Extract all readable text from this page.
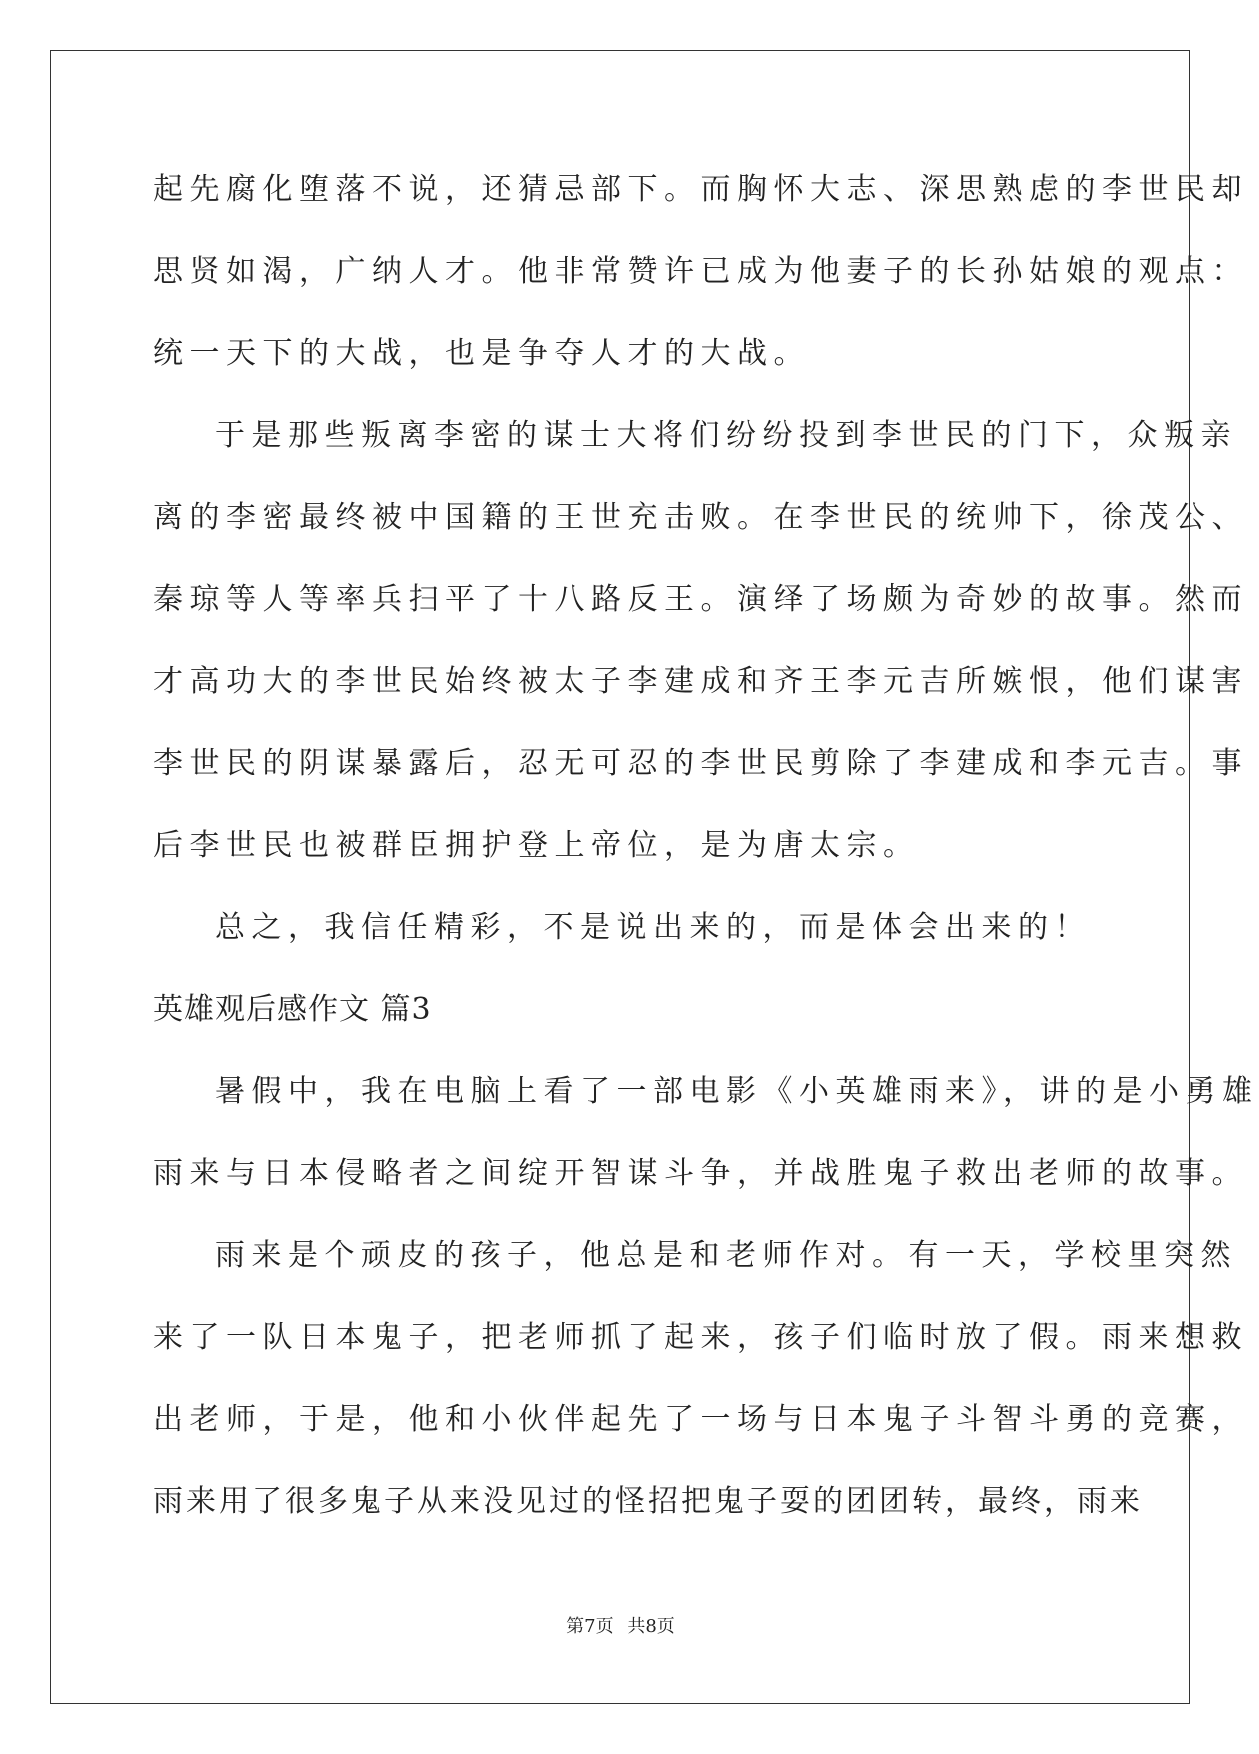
起先腐化堕落不说，还猜忌部下。而胸怀大志、深思熟虑的李世民却
思贤如渴，广纳人才。他非常赞许已成为他妻子的长孙姑娘的观点：
统一天下的大战，也是争夺人才的大战。
于是那些叛离李密的谋士大将们纷纷投到李世民的门下，众叛亲
离的李密最终被中国籍的王世充击败。在李世民的统帅下，徐茂公、
秦琼等人等率兵扫平了十八路反王。演绎了场颇为奇妙的故事。然而
才高功大的李世民始终被太子李建成和齐王李元吉所嫉恨，他们谋害
李世民的阴谋暴露后，忍无可忍的李世民剪除了李建成和李元吉。事
后李世民也被群臣拥护登上帝位，是为唐太宗。
总之，我信任精彩，不是说出来的，而是体会出来的！
英雄观后感作文 篇3
暑假中，我在电脑上看了一部电影《小英雄雨来》，讲的是小勇雄
雨来与日本侵略者之间绽开智谋斗争，并战胜鬼子救出老师的故事。
雨来是个顽皮的孩子，他总是和老师作对。有一天，学校里突然
来了一队日本鬼子，把老师抓了起来，孩子们临时放了假。雨来想救
出老师，于是，他和小伙伴起先了一场与日本鬼子斗智斗勇的竞赛，
雨来用了很多鬼子从来没见过的怪招把鬼子耍的团团转，最终，雨来
第7页 共8页
